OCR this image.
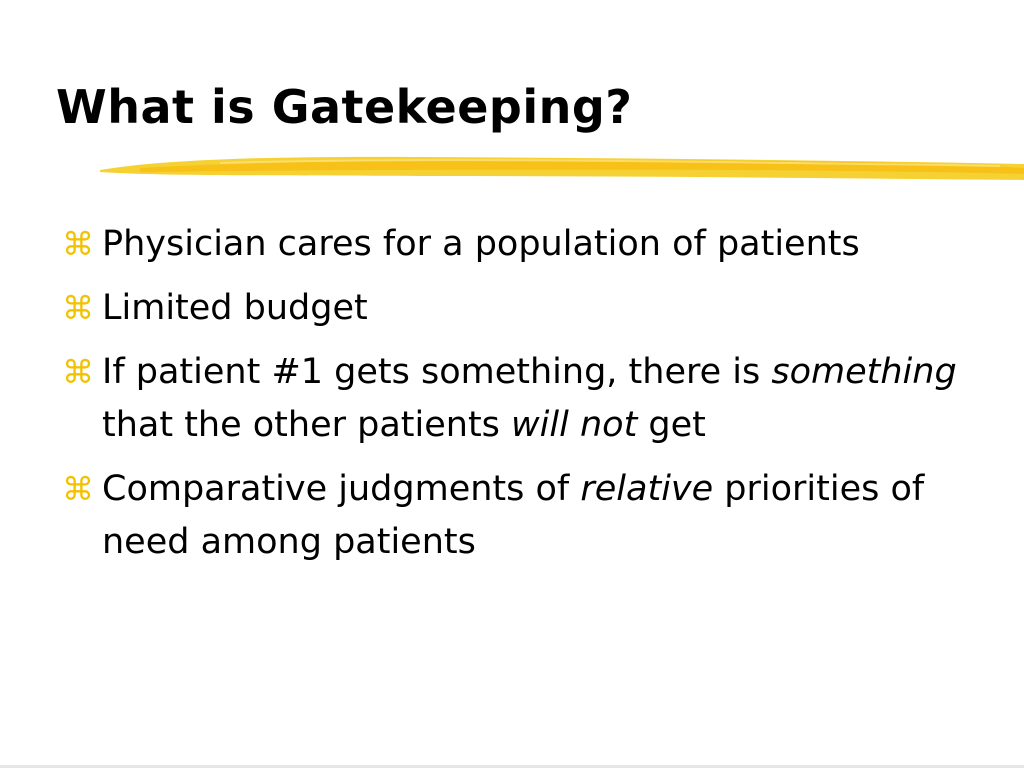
What is Gatekeeping?
⌘ Physician cares for a population of patients
⌘ Limited budget
⌘ If patient #1 gets something, there is something that the other patients will not get
⌘ Comparative judgments of relative priorities of need among patients
